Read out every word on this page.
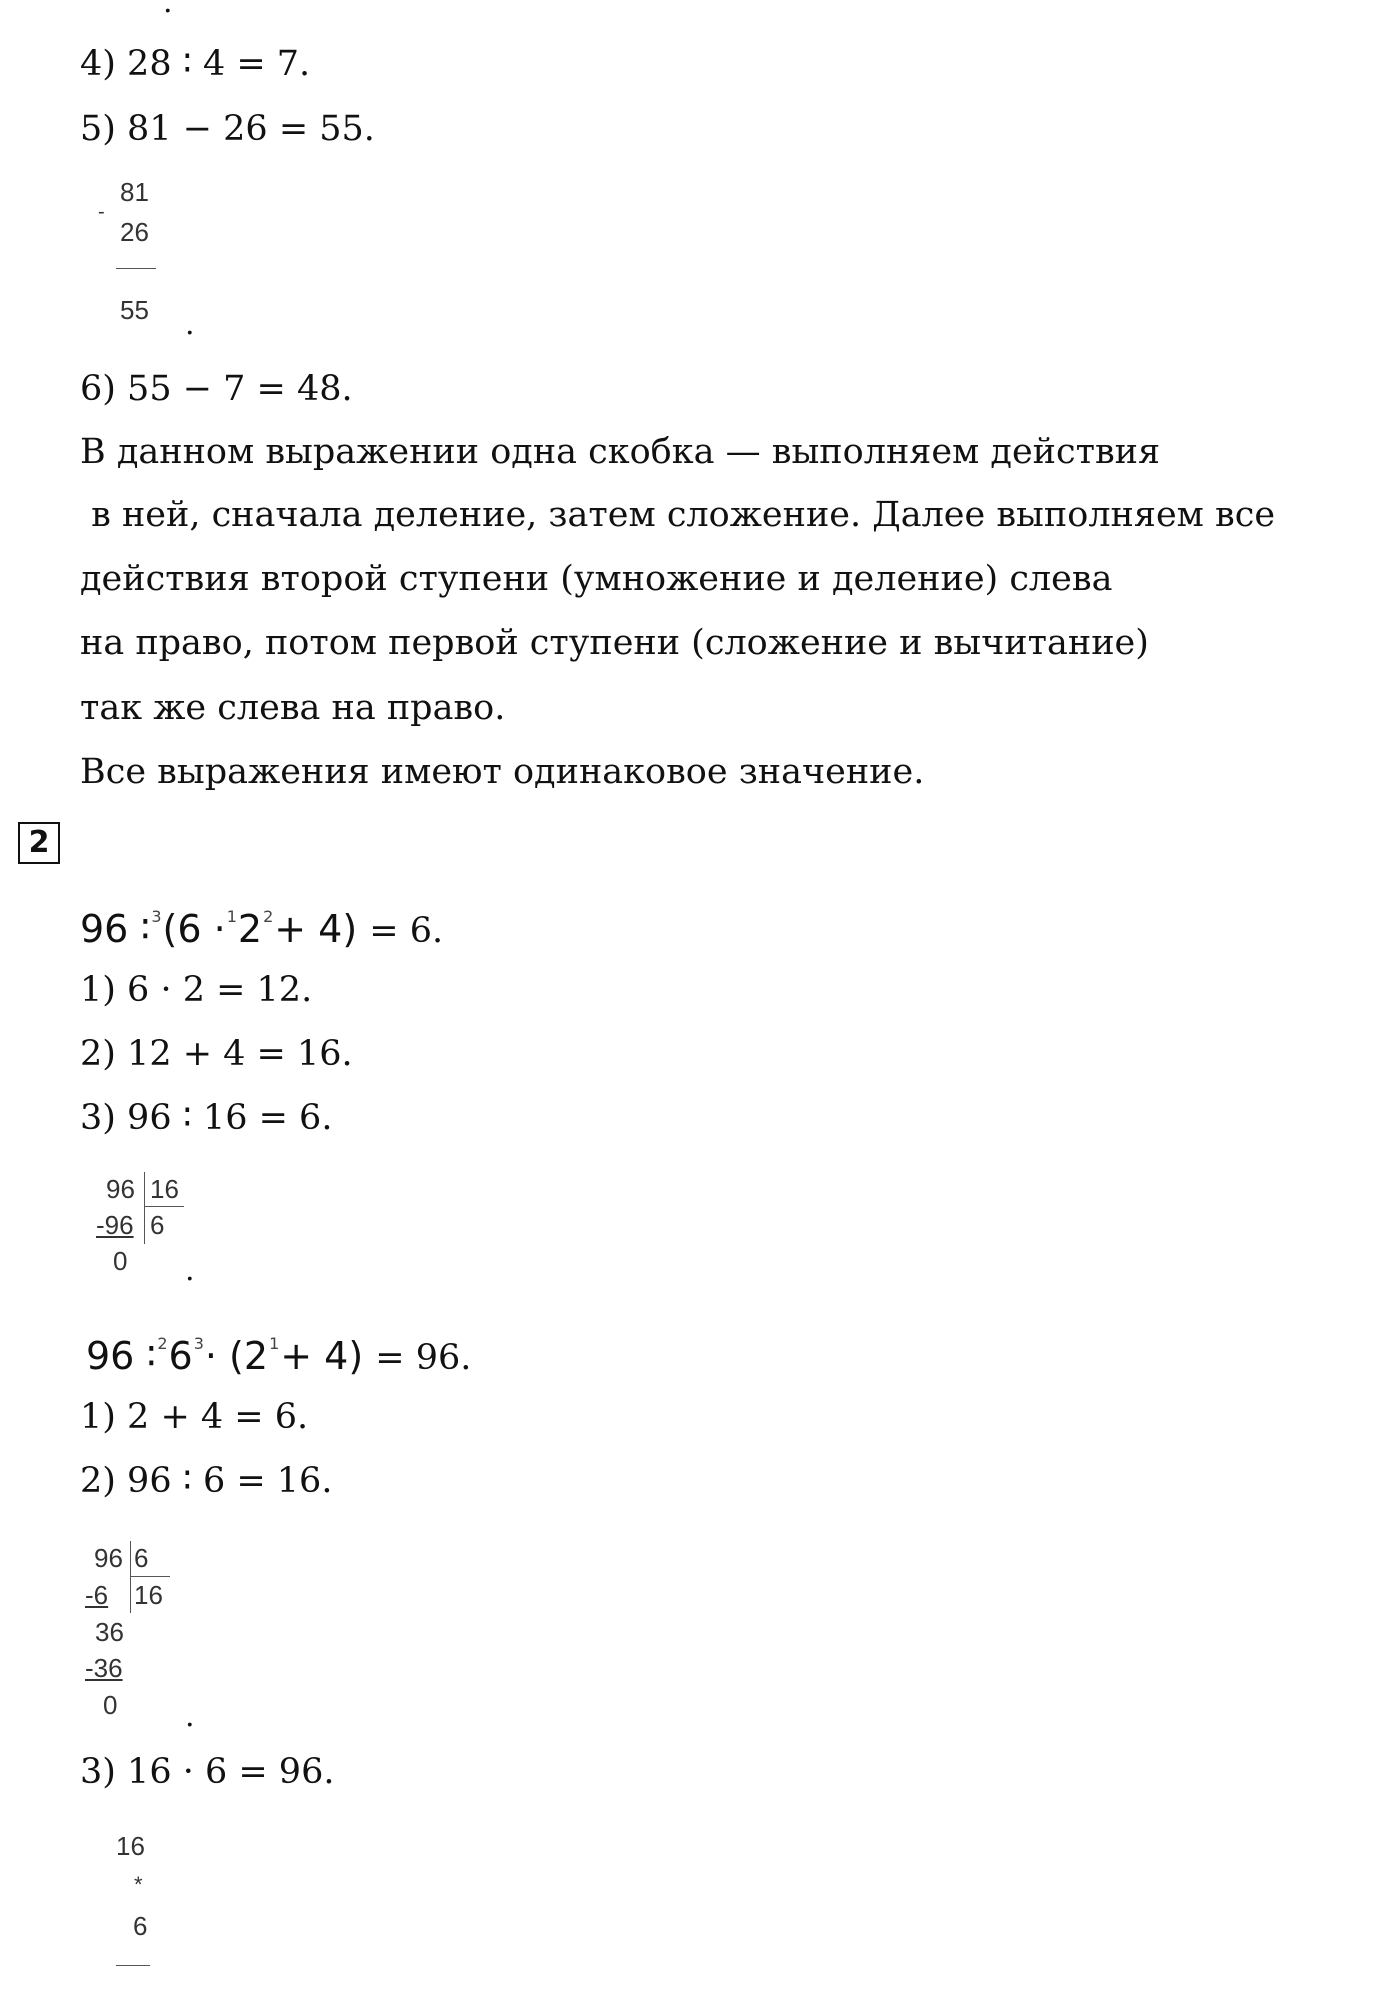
.
4) 28 ∶ 4 = 7.
5) 81 − 26 = 55.
81
-
26
55 .
6) 55 − 7 = 48.
В данном выражении одна скобка — выполняем действия
в ней, сначала деление, затем сложение. Далее выполняем все
действия второй ступени (умножение и деление) слева
на право, потом первой ступени (сложение и вычитание)
так же слева на право.
Все выражения имеют одинаковое значение.
2
96 ∶$^3$(6 $\cdot^12^2+ 4) = 6$.
1) 6 · 2 = 12.
2) 12 + 4 = 16.
3) 96 ∶ 16 = 6.
96 16
-96 6
0 .
96 $∶^26^3\cdot (2^1+ 4) = 96$.
1) 2 + 4 = 6.
2) 96 ∶ 6 = 16.
96 6
-6 16
36
-36
0 .
3) 16 · 6 = 96.
16
*
6
